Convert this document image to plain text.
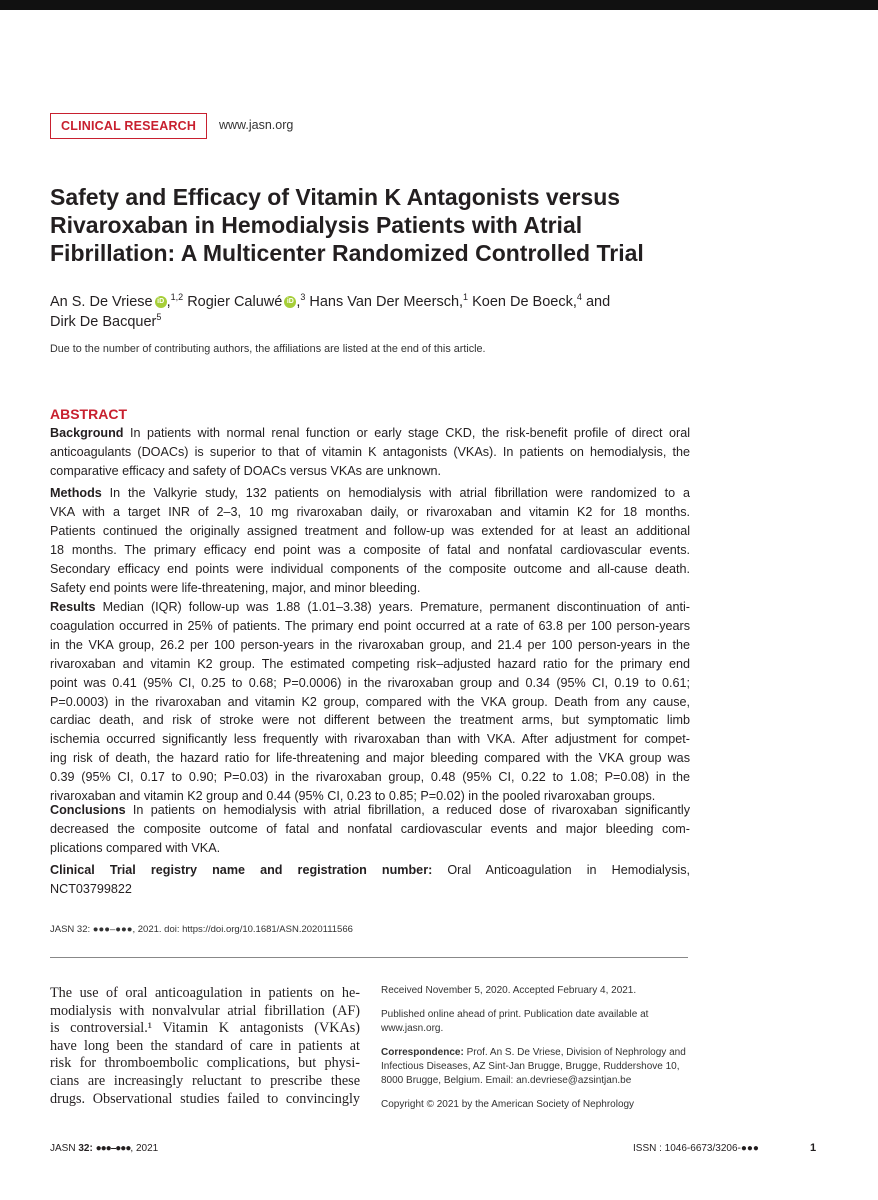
CLINICAL RESEARCH www.jasn.org
Safety and Efficacy of Vitamin K Antagonists versus
Rivaroxaban in Hemodialysis Patients with Atrial
Fibrillation: A Multicenter Randomized Controlled Trial
An S. De Vriese iD ,$^{1,2}$ Rogier Caluwé iD ,$^3$ Hans Van Der Meersch,$^1$ Koen De Boeck,$^4$ and
Dirk De Bacquer$^5$
Due to the number of contributing authors, the affiliations are listed at the end of this article.
ABSTRACT
Background In patients with normal renal function or early stage CKD, the risk-benefit profile of direct oral
anticoagulants (DOACs) is superior to that of vitamin K antagonists (VKAs). In patients on hemodialysis, the
comparative efficacy and safety of DOACs versus VKAs are unknown.
Methods In the Valkyrie study, 132 patients on hemodialysis with atrial fibrillation were randomized to a
VKA with a target INR of 2–3, 10 mg rivaroxaban daily, or rivaroxaban and vitamin K2 for 18 months.
Patients continued the originally assigned treatment and follow-up was extended for at least an additional
18 months. The primary efficacy end point was a composite of fatal and nonfatal cardiovascular events.
Secondary efficacy end points were individual components of the composite outcome and all-cause death.
Safety end points were life-threatening, major, and minor bleeding.
Results Median (IQR) follow-up was 1.88 (1.01–3.38) years. Premature, permanent discontinuation of anti-
coagulation occurred in 25% of patients. The primary end point occurred at a rate of 63.8 per 100 person-years
in the VKA group, 26.2 per 100 person-years in the rivaroxaban group, and 21.4 per 100 person-years in the
rivaroxaban and vitamin K2 group. The estimated competing risk–adjusted hazard ratio for the primary end
point was 0.41 (95% CI, 0.25 to 0.68; P=0.0006) in the rivaroxaban group and 0.34 (95% CI, 0.19 to 0.61;
P=0.0003) in the rivaroxaban and vitamin K2 group, compared with the VKA group. Death from any cause,
cardiac death, and risk of stroke were not different between the treatment arms, but symptomatic limb
ischemia occurred significantly less frequently with rivaroxaban than with VKA. After adjustment for compet-
ing risk of death, the hazard ratio for life-threatening and major bleeding compared with the VKA group was
0.39 (95% CI, 0.17 to 0.90; P=0.03) in the rivaroxaban group, 0.48 (95% CI, 0.22 to 1.08; P=0.08) in the
rivaroxaban and vitamin K2 group and 0.44 (95% CI, 0.23 to 0.85; P=0.02) in the pooled rivaroxaban groups.
Conclusions In patients on hemodialysis with atrial fibrillation, a reduced dose of rivaroxaban significantly
decreased the composite outcome of fatal and nonfatal cardiovascular events and major bleeding com-
plications compared with VKA.
Clinical Trial registry name and registration number: Oral Anticoagulation in Hemodialysis,
NCT03799822
JASN 32: ●●●–●●●, 2021. doi: https://doi.org/10.1681/ASN.2020111566
The use of oral anticoagulation in patients on he-
modialysis with nonvalvular atrial fibrillation (AF)
is controversial.¹ Vitamin K antagonists (VKAs)
have long been the standard of care in patients at
risk for thromboembolic complications, but physi-
cians are increasingly reluctant to prescribe these
drugs. Observational studies failed to convincingly
Received November 5, 2020. Accepted February 4, 2021.
Published online ahead of print. Publication date available at
www.jasn.org.
Correspondence: Prof. An S. De Vriese, Division of Nephrology and
Infectious Diseases, AZ Sint-Jan Brugge, Brugge, Ruddershove 10,
8000 Brugge, Belgium. Email: an.devriese@azsintjan.be
Copyright © 2021 by the American Society of Nephrology
JASN 32: ●●●–●●●, 2021	ISSN : 1046-6673/3206-●●●	1
